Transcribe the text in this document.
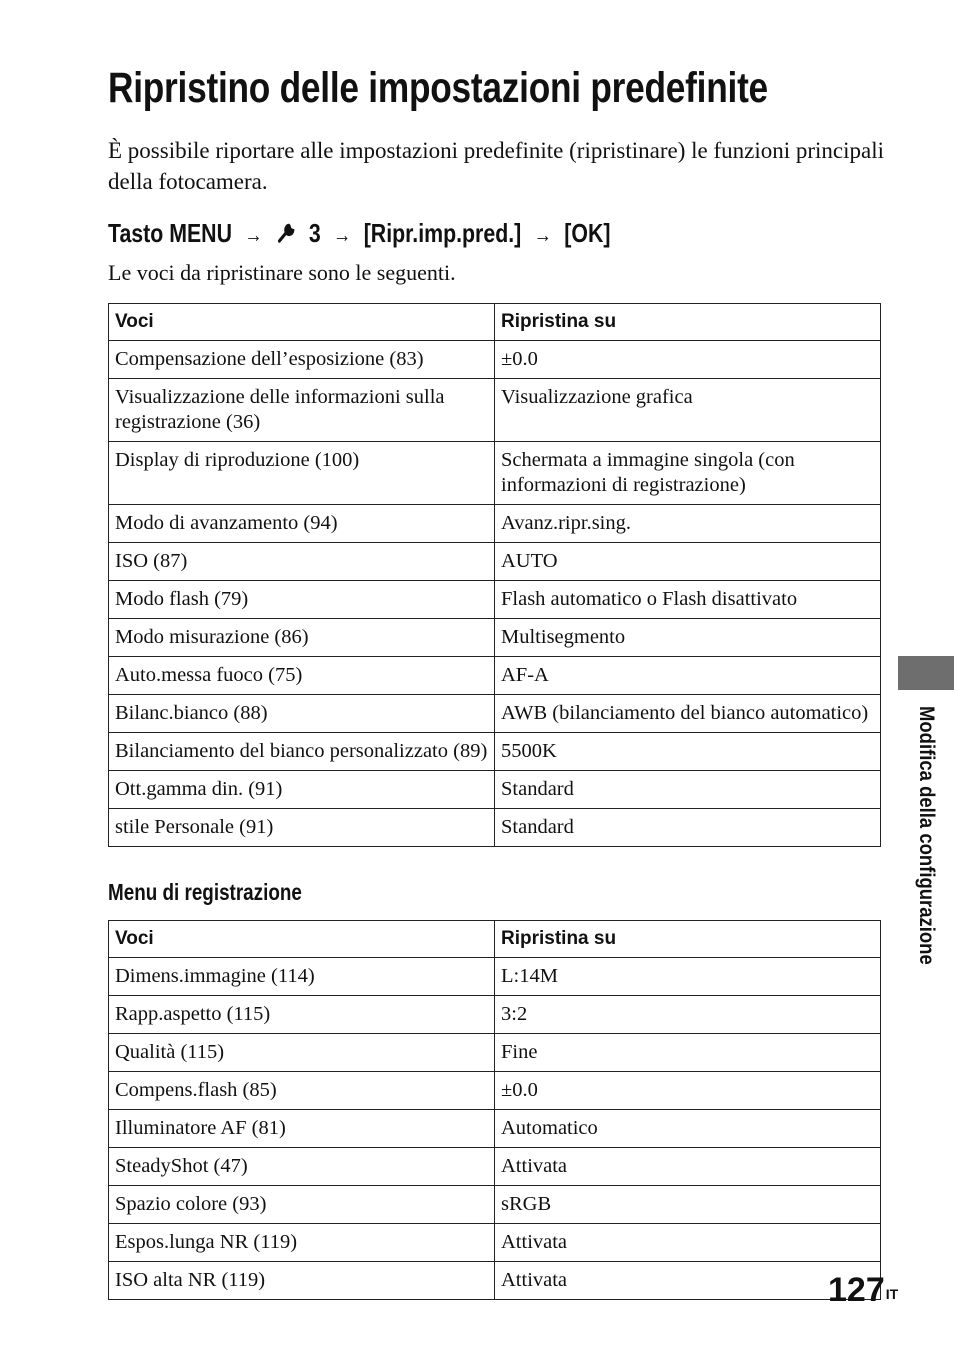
Ripristino delle impostazioni predefinite

È possibile riportare alle impostazioni predefinite (ripristinare) le funzioni principali della fotocamera.

Tasto MENU → 3 → [Ripr.imp.pred.] → [OK]

Le voci da ripristinare sono le seguenti.

Voci	Ripristina su
Compensazione dell’esposizione (83)	±0.0
Visualizzazione delle informazioni sulla registrazione (36)	Visualizzazione grafica
Display di riproduzione (100)	Schermata a immagine singola (con informazioni di registrazione)
Modo di avanzamento (94)	Avanz.ripr.sing.
ISO (87)	AUTO
Modo flash (79)	Flash automatico o Flash disattivato
Modo misurazione (86)	Multisegmento
Auto.messa fuoco (75)	AF-A
Bilanc.bianco (88)	AWB (bilanciamento del bianco automatico)
Bilanciamento del bianco personalizzato (89)	5500K
Ott.gamma din. (91)	Standard
stile Personale (91)	Standard
Menu di registrazione
Voci	Ripristina su
Dimens.immagine (114)	L:14M
Rapp.aspetto (115)	3:2
Qualità (115)	Fine
Compens.flash (85)	±0.0
Illuminatore AF (81)	Automatico
SteadyShot (47)	Attivata
Spazio colore (93)	sRGB
Espos.lunga NR (119)	Attivata
ISO alta NR (119)	Attivata
Modifica della configurazione
$127^{IT}$
